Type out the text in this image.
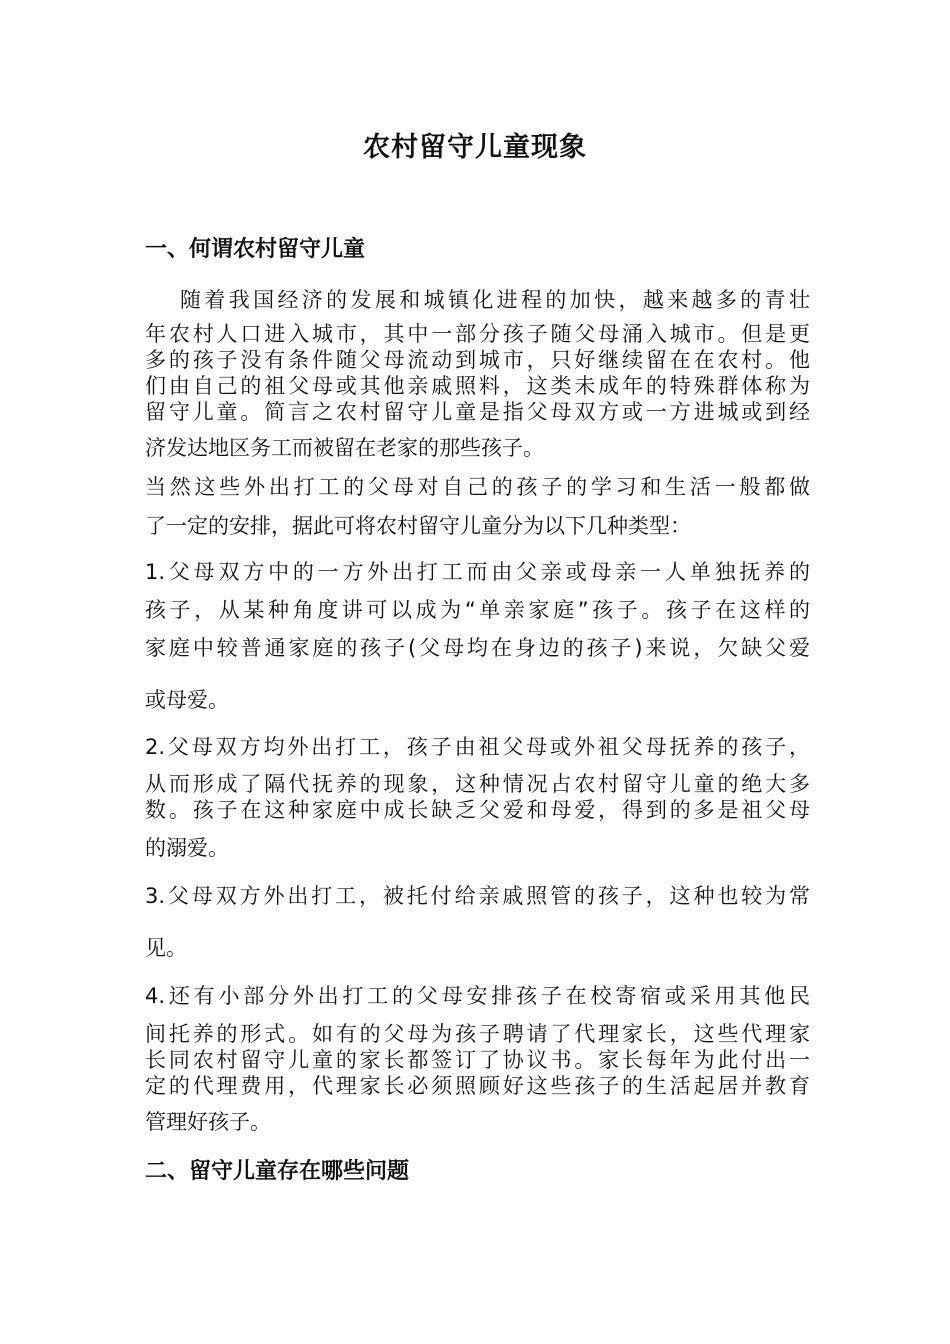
农村留守儿童现象
一、何谓农村留守儿童
随着我国经济的发展和城镇化进程的加快，越来越多的青壮
年农村人口进入城市，其中一部分孩子随父母涌入城市。但是更
多的孩子没有条件随父母流动到城市，只好继续留在在农村。他
们由自己的祖父母或其他亲戚照料，这类未成年的特殊群体称为
留守儿童。简言之农村留守儿童是指父母双方或一方进城或到经
济发达地区务工而被留在老家的那些孩子。
当然这些外出打工的父母对自己的孩子的学习和生活一般都做
了一定的安排，据此可将农村留守儿童分为以下几种类型：
1.父母双方中的一方外出打工而由父亲或母亲一人单独抚养的
孩子，从某种角度讲可以成为“单亲家庭”孩子。孩子在这样的
家庭中较普通家庭的孩子(父母均在身边的孩子)来说，欠缺父爱
或母爱。
2.父母双方均外出打工，孩子由祖父母或外祖父母抚养的孩子，
从而形成了隔代抚养的现象，这种情况占农村留守儿童的绝大多
数。孩子在这种家庭中成长缺乏父爱和母爱，得到的多是祖父母
的溺爱。
3.父母双方外出打工，被托付给亲戚照管的孩子，这种也较为常
见。
4.还有小部分外出打工的父母安排孩子在校寄宿或采用其他民
间托养的形式。如有的父母为孩子聘请了代理家长，这些代理家
长同农村留守儿童的家长都签订了协议书。家长每年为此付出一
定的代理费用，代理家长必须照顾好这些孩子的生活起居并教育
管理好孩子。
二、留守儿童存在哪些问题
